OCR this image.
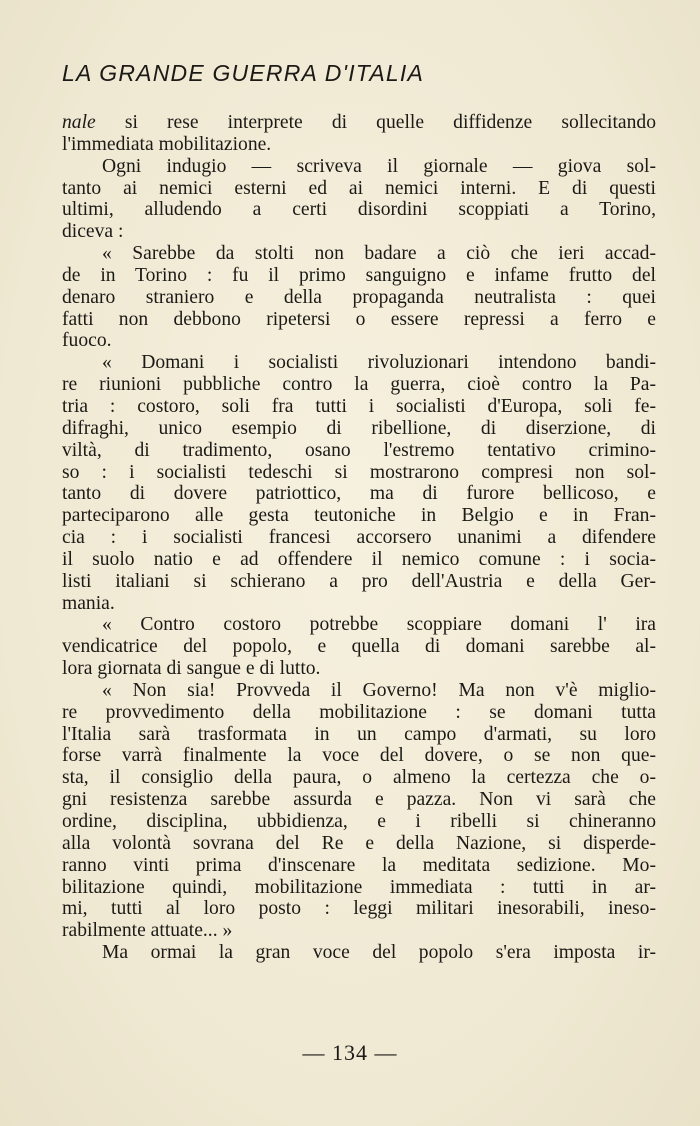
LA GRANDE GUERRA D'ITALIA
nale si rese interprete di quelle diffidenze sollecitando
l'immediata mobilitazione.
Ogni indugio — scriveva il giornale — giova sol-
tanto ai nemici esterni ed ai nemici interni. E di questi
ultimi, alludendo a certi disordini scoppiati a Torino,
diceva :
« Sarebbe da stolti non badare a ciò che ieri accad-
de in Torino : fu il primo sanguigno e infame frutto del
denaro straniero e della propaganda neutralista : quei
fatti non debbono ripetersi o essere repressi a ferro e
fuoco.
« Domani i socialisti rivoluzionari intendono bandi-
re riunioni pubbliche contro la guerra, cioè contro la Pa-
tria : costoro, soli fra tutti i socialisti d'Europa, soli fe-
difraghi, unico esempio di ribellione, di diserzione, di
viltà, di tradimento, osano l'estremo tentativo crimino-
so : i socialisti tedeschi si mostrarono compresi non sol-
tanto di dovere patriottico, ma di furore bellicoso, e
parteciparono alle gesta teutoniche in Belgio e in Fran-
cia : i socialisti francesi accorsero unanimi a difendere
il suolo natio e ad offendere il nemico comune : i socia-
listi italiani si schierano a pro dell'Austria e della Ger-
mania.
« Contro costoro potrebbe scoppiare domani l' ira
vendicatrice del popolo, e quella di domani sarebbe al-
lora giornata di sangue e di lutto.
« Non sia! Provveda il Governo! Ma non v'è miglio-
re provvedimento della mobilitazione : se domani tutta
l'Italia sarà trasformata in un campo d'armati, su loro
forse varrà finalmente la voce del dovere, o se non que-
sta, il consiglio della paura, o almeno la certezza che o-
gni resistenza sarebbe assurda e pazza. Non vi sarà che
ordine, disciplina, ubbidienza, e i ribelli si chineranno
alla volontà sovrana del Re e della Nazione, si disperde-
ranno vinti prima d'inscenare la meditata sedizione. Mo-
bilitazione quindi, mobilitazione immediata : tutti in ar-
mi, tutti al loro posto : leggi militari inesorabili, ineso-
rabilmente attuate... »
Ma ormai la gran voce del popolo s'era imposta ir-
— 134 —
